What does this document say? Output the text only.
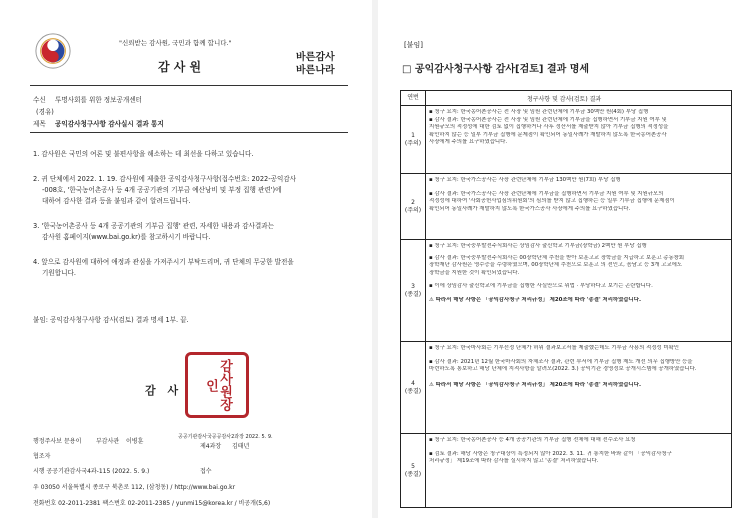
"신뢰받는 감사원, 국민과 함께 합니다."
감 사 원
바른감사
바른나라
수신 투명사회를 위한 정보공개센터
(경유)
제목 공익감사청구사항 감사실시 결과 통지
1. 감사원은 국민의 여론 및 불편사항을 해소하는 데 최선을 다하고 있습니다.
2. 귀 단체에서 2022. 1. 19. 감사원에 제출한 공익감사청구사항(접수번호: 2022-공익감사
-008호, '한국농어촌공사 등 4개 공공기관의 기부금 예산낭비 및 부정 집행 관련')에
대하여 감사한 결과 등을 붙임과 같이 알려드립니다.
3. '한국농어촌공사 등 4개 공공기관의 기부금 집행' 관련, 자세한 내용과 감사결과는
감사원 홈페이지(www.bai.go.kr)를 참고하시기 바랍니다.
4. 앞으로 감사원에 대하여 애정과 관심을 가져주시기 부탁드리며, 귀 단체의 무궁한 발전을
기원합니다.
붙임: 공익감사청구사항 감사(검토) 결과 명세 1부. 끝.
감사원장인
감 사
행정주사보 문용이 부감사관 이병훈
공공기관감사국공공감사2과장 2022. 5. 9.
제4과장 김태년
협조자
시행 공공기관감사국4과-115 (2022. 5. 9.)	접수
우 03050 서울특별시 종로구 북촌로 112, (삼청동) / http://www.bai.go.kr
전화번호 02-2011-2381 팩스번호 02-2011-2385 / yunmi15@korea.kr / 비공개(5,6)
[붙임]
□ 공익감사청구사항 감사[검토] 결과 명세
연번	청구사항 및 감사(검토) 결과
1
(주의)
▪ 청구 요지: 한국농어촌공사는 전 사장 및 임원 관련단체에 기부금 30백만 원(4회) 부당 집행
▪ 감사 결과: 한국농어촌공사는 전 사장 및 임원 관련단체에 기부금을 집행하면서 기부금 지원 여부 및
지원규모의 적정성에 대한 검토 없이 집행하거나 사후 정산서를 제출받지 않아 기부금 집행의 적정성을
확인하지 않는 등 일부 기부금 집행에 문제점이 확인되어 동일사례가 재발하지 않도록 한국농어촌공사
사장에게 주의를 요구하였습니다.
2
(주의)
▪ 청구 요지: 한국가스공사는 사장 관련단체에 기부금 130백만 원(7회) 부당 집행
▪ 감사 결과: 한국가스공사는 사장 관련단체에 기부금을 집행하면서 기부금 지원 여부 및 지원규모의
적정성에 대하여 '사회공헌사업심의위원회'의 심의를 받지 않고 집행하는 등 일부 기부금 집행에 문제점이
확인되어 동일사례가 재발하지 않도록 한국가스공사 사장에게 주의를 요구하였습니다.
3
(종결)
▪ 청구 요지: 한국중부발전주식회사는 상임감사 출신학교 기부금(장학금) 2백만 원 부당 집행
▪ 감사 결과: 한국중부발전주식회사는 00장학단체 추천을 받아 보훈고교 장학금을 지급하고 보훈고 총동창회
장학재단 감사원은 영수증을 수령하였으며, 00장학단체 추천으로 보훈고 의 전인고, 음남고 등 3개 고교에도
장학금을 지원한 것이 확인되었습니다.
▪ 이에 상임감사 출신학교에 기부금을 집행한 사실만으로 위법 · 부당하다고 보기는 곤란합니다.
⚠ 따라서 해당 사항은 「공익감사청구 처리규정」 제20조에 따라 '종결' 처리하였습니다.
4
(종결)
▪ 청구 요지: 한국마사회는 기부선정 단체가 허위 결과보고서를 제출했는데도 기부금 사용의 적정성 미확인
▪ 감사 결과: 2021년 12월 한국마사회의 자체조사 결과, 관련 부서에 기부금 집행 제도 개선 의무 집행방안 등을
마련하도록 통보하고 해당 단체에 지적사항을 알려오(2022. 3.) 공익기관 경영정보 공개시스템에 공개하였습니다.
⚠ 따라서 해당 사항은 「공익감사청구 처리규정」 제20조에 따라 '종결' 처리하였습니다.
5
(종결)
▪ 청구 요지: 한국농어촌공사 등 4개 공공기관의 기부금 집행 전체에 대해 전수조사 요청
▪ 검토 결과: 해당 사항은 청구대상이 특정되지 않아 2022. 3. 11. 귀 통지한 바와 같이 「공익감사청구
처리규정」 제19조에 따라 감사를 실시하지 않고 '종결' 처리하였습니다.
